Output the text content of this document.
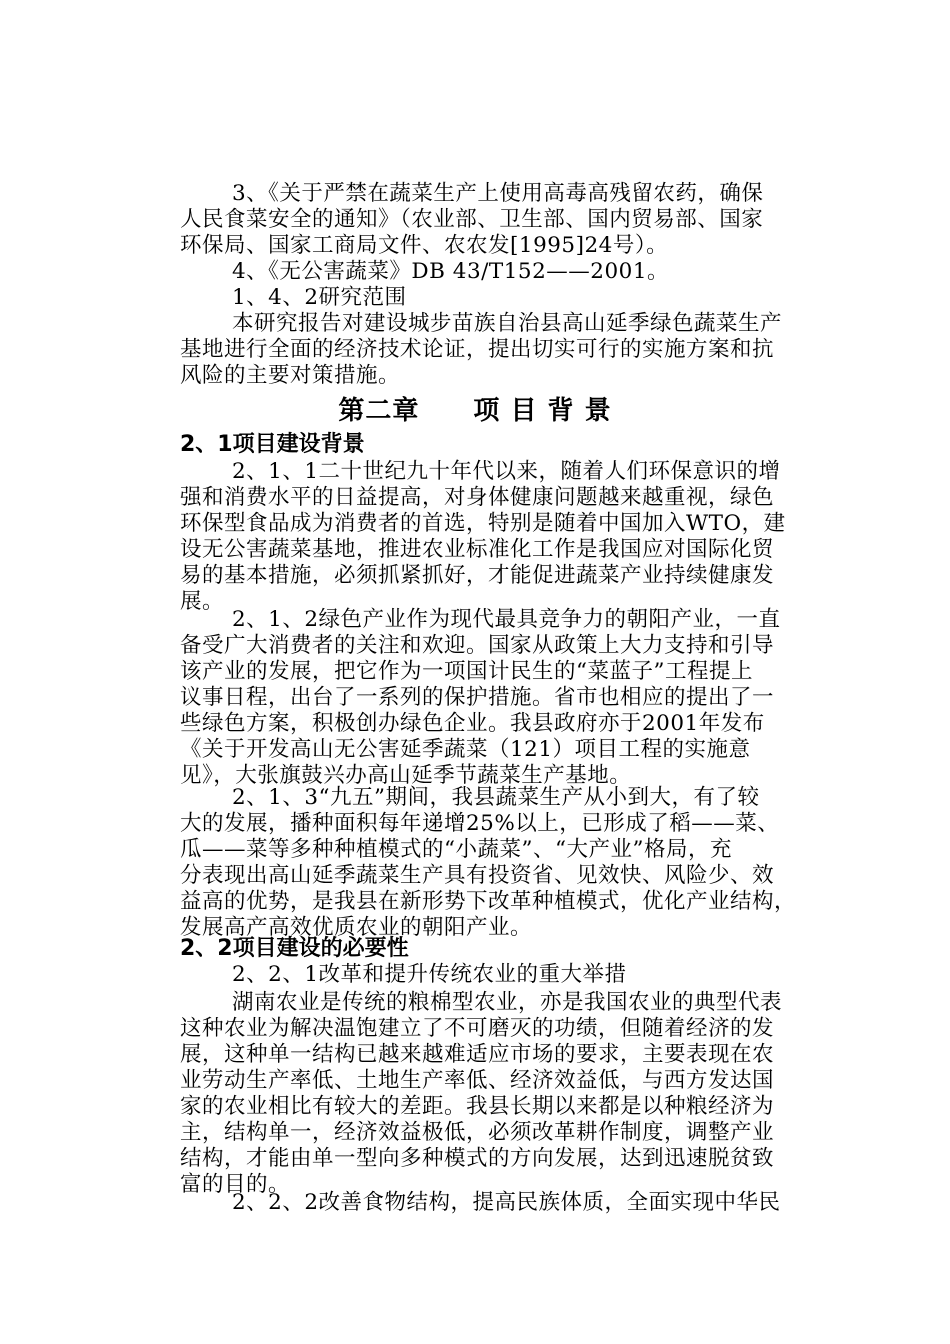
3、《关于严禁在蔬菜生产上使用高毒高残留农药，确保
人民食菜安全的通知》（农业部、卫生部、国内贸易部、国家
环保局、国家工商局文件、农农发[1995]24号）。
4、《无公害蔬菜》DB 43/T152——2001。
1、4、2研究范围
本研究报告对建设城步苗族自治县高山延季绿色蔬菜生产
基地进行全面的经济技术论证，提出切实可行的实施方案和抗
风险的主要对策措施。
第二章　　项 目 背 景
2、1项目建设背景
2、1、1二十世纪九十年代以来，随着人们环保意识的增
强和消费水平的日益提高，对身体健康问题越来越重视，绿色
环保型食品成为消费者的首选，特别是随着中国加入WTO，建
设无公害蔬菜基地，推进农业标准化工作是我国应对国际化贸
易的基本措施，必须抓紧抓好，才能促进蔬菜产业持续健康发
展。
2、1、2绿色产业作为现代最具竞争力的朝阳产业，一直
备受广大消费者的关注和欢迎。国家从政策上大力支持和引导
该产业的发展，把它作为一项国计民生的“菜蓝子”工程提上
议事日程，出台了一系列的保护措施。省市也相应的提出了一
些绿色方案，积极创办绿色企业。我县政府亦于2001年发布
《关于开发高山无公害延季蔬菜（121）项目工程的实施意
见》，大张旗鼓兴办高山延季节蔬菜生产基地。
2、1、3“九五”期间，我县蔬菜生产从小到大，有了较
大的发展，播种面积每年递增25%以上，已形成了稻——菜、
瓜——菜等多种种植模式的“小蔬菜”、“大产业”格局，充
分表现出高山延季蔬菜生产具有投资省、见效快、风险少、效
益高的优势，是我县在新形势下改革种植模式，优化产业结构，
发展高产高效优质农业的朝阳产业。
2、2项目建设的必要性
2、2、1改革和提升传统农业的重大举措
湖南农业是传统的粮棉型农业，亦是我国农业的典型代表
这种农业为解决温饱建立了不可磨灭的功绩，但随着经济的发
展，这种单一结构已越来越难适应市场的要求，主要表现在农
业劳动生产率低、土地生产率低、经济效益低，与西方发达国
家的农业相比有较大的差距。我县长期以来都是以种粮经济为
主，结构单一，经济效益极低，必须改革耕作制度，调整产业
结构，才能由单一型向多种模式的方向发展，达到迅速脱贫致
富的目的。
2、2、2改善食物结构，提高民族体质，全面实现中华民
